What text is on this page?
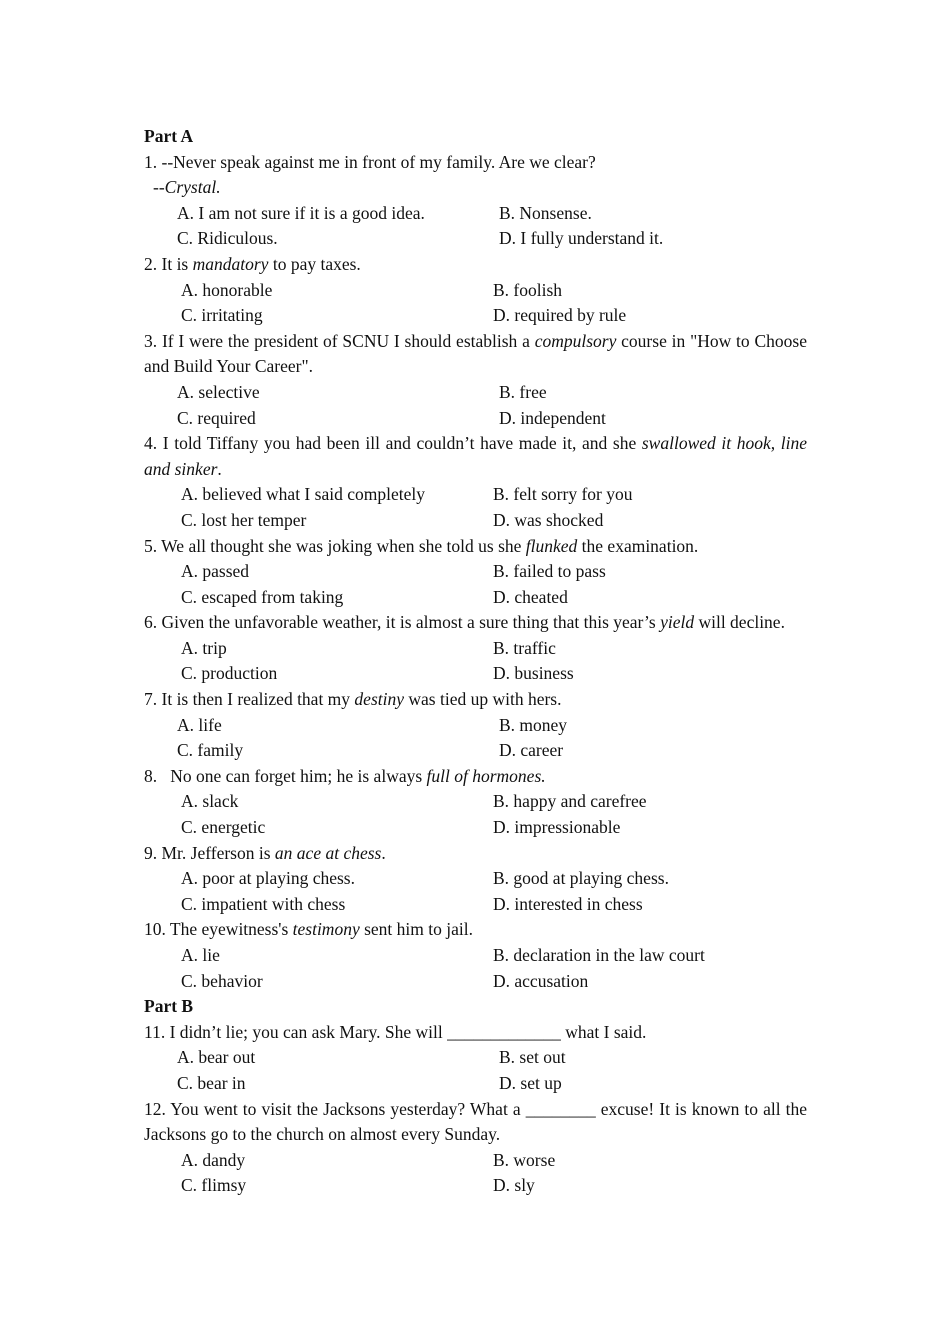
Part A
1. --Never speak against me in front of my family. Are we clear?
--Crystal.
A. I am not sure if it is a good idea.	B. Nonsense.
C. Ridiculous.	D. I fully understand it.
2. It is mandatory to pay taxes.
A. honorable	B. foolish
C. irritating	D. required by rule
3. If I were the president of SCNU I should establish a compulsory course in "How to Choose and Build Your Career".
A. selective	B. free
C. required	D. independent
4. I told Tiffany you had been ill and couldn’t have made it, and she swallowed it hook, line and sinker.
A. believed what I said completely	B. felt sorry for you
C. lost her temper	D. was shocked
5. We all thought she was joking when she told us she flunked the examination.
A. passed	B. failed to pass
C. escaped from taking	D. cheated
6. Given the unfavorable weather, it is almost a sure thing that this year’s yield will decline.
A. trip	B. traffic
C. production	D. business
7. It is then I realized that my destiny was tied up with hers.
A. life	B. money
C. family	D. career
8.   No one can forget him; he is always full of hormones.
A. slack	B. happy and carefree
C. energetic	D. impressionable
9. Mr. Jefferson is an ace at chess.
A. poor at playing chess.	B. good at playing chess.
C. impatient with chess	D. interested in chess
10. The eyewitness's testimony sent him to jail.
A. lie	B. declaration in the law court
C. behavior	D. accusation
Part B
11. I didn’t lie; you can ask Mary. She will _____________ what I said.
A. bear out	B. set out
C. bear in	D. set up
12. You went to visit the Jacksons yesterday? What a ________ excuse! It is known to all the Jacksons go to the church on almost every Sunday.
A. dandy	B. worse
C. flimsy	D. sly
